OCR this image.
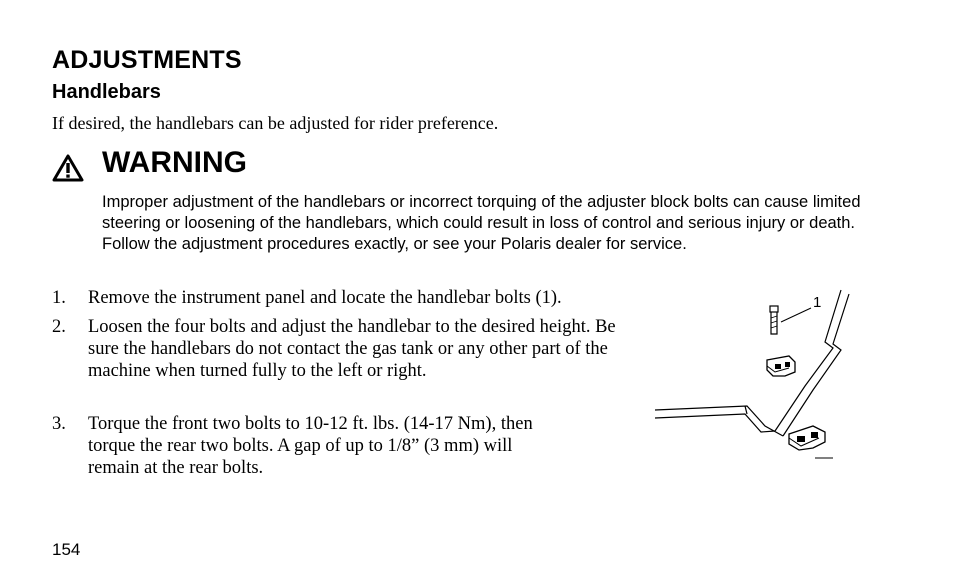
ADJUSTMENTS
Handlebars
If desired, the handlebars can be adjusted for rider preference.
WARNING
Improper adjustment of the handlebars or incorrect torquing of the adjuster block bolts can cause limited steering or loosening of the handlebars, which could result in loss of control and serious injury or death. Follow the adjustment procedures exactly, or see your Polaris dealer for service.
1. Remove the instrument panel and locate the handlebar bolts (1).
2. Loosen the four bolts and adjust the handlebar to the desired height. Be sure the handlebars do not contact the gas tank or any other part of the machine when turned fully to the left or right.
3. Torque the front two bolts to 10-12 ft. lbs. (14-17 Nm), then torque the rear two bolts. A gap of up to 1/8” (3 mm) will remain at the rear bolts.
1
154
